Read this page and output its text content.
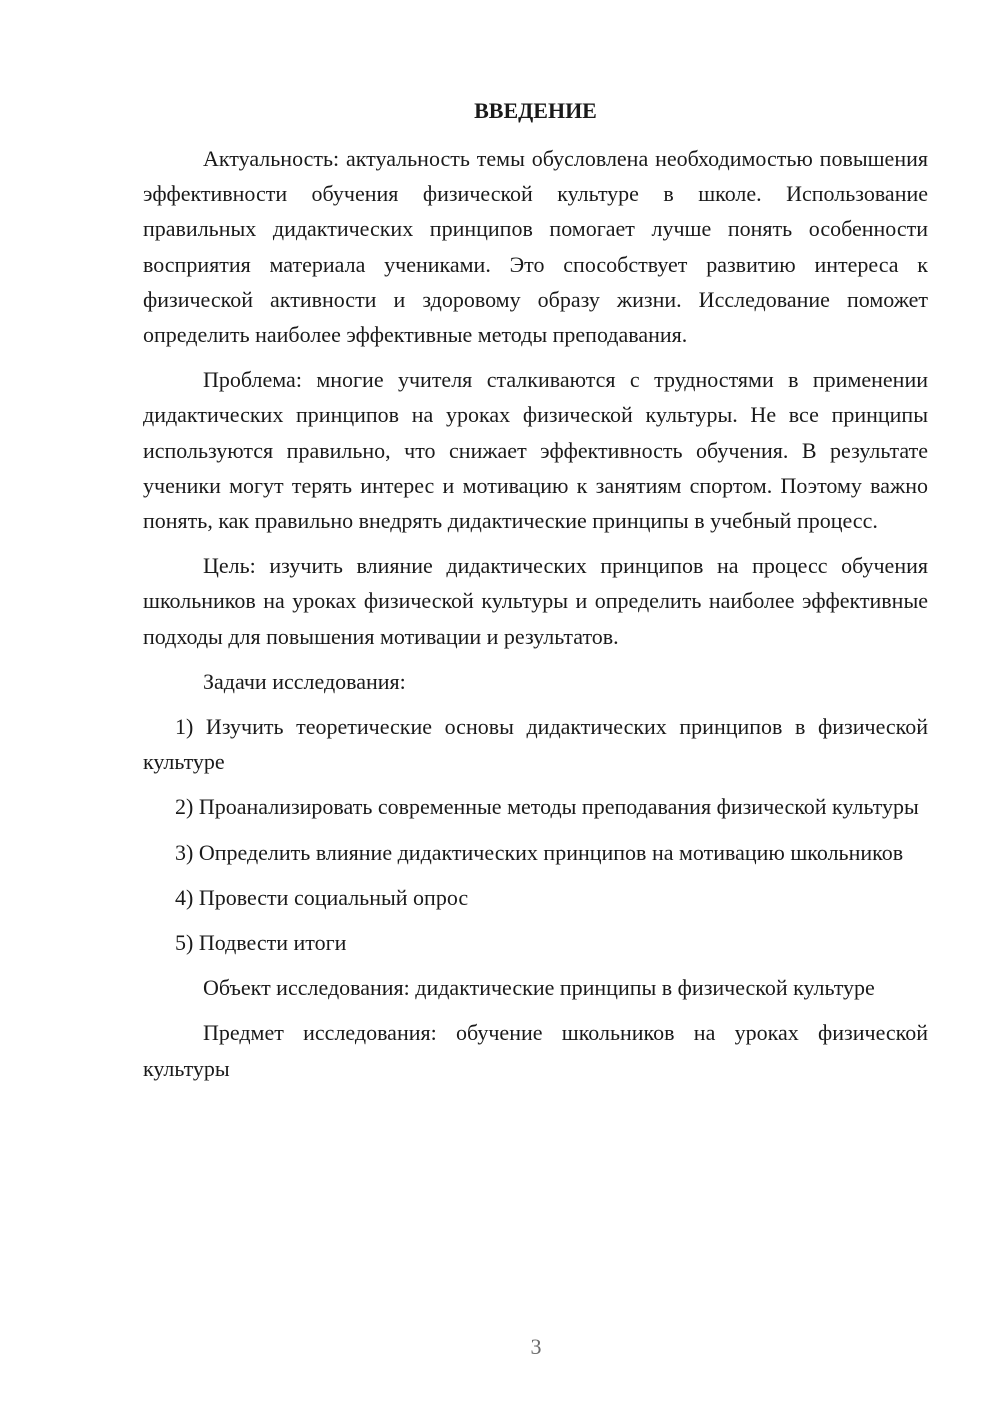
ВВЕДЕНИЕ

Актуальность: актуальность темы обусловлена необходимостью повышения эффективности обучения физической культуре в школе. Использование правильных дидактических принципов помогает лучше понять особенности восприятия материала учениками. Это способствует развитию интереса к физической активности и здоровому образу жизни. Исследование поможет определить наиболее эффективные методы преподавания.

Проблема: многие учителя сталкиваются с трудностями в применении дидактических принципов на уроках физической культуры. Не все принципы используются правильно, что снижает эффективность обучения. В результате ученики могут терять интерес и мотивацию к занятиям спортом. Поэтому важно понять, как правильно внедрять дидактические принципы в учебный процесс.

Цель: изучить влияние дидактических принципов на процесс обучения школьников на уроках физической культуры и определить наиболее эффективные подходы для повышения мотивации и результатов.

Задачи исследования:

1) Изучить теоретические основы дидактических принципов в физической культуре

2) Проанализировать современные методы преподавания физической культуры

3) Определить влияние дидактических принципов на мотивацию школьников

4) Провести социальный опрос

5) Подвести итоги

Объект исследования: дидактические принципы в физической культуре

Предмет исследования: обучение школьников на уроках физической культуры

3
